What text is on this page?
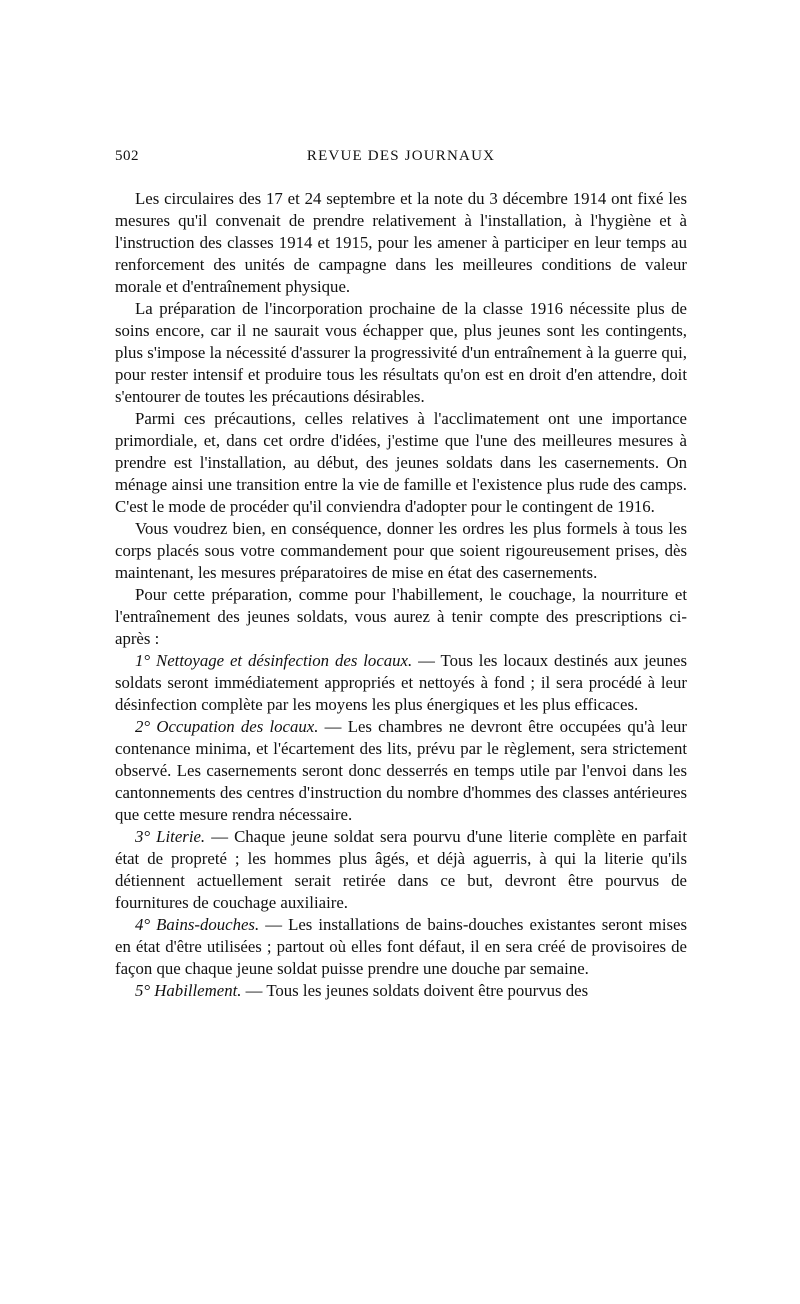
502	REVUE DES JOURNAUX

Les circulaires des 17 et 24 septembre et la note du 3 décembre 1914 ont fixé les mesures qu'il convenait de prendre relativement à l'installation, à l'hygiène et à l'instruction des classes 1914 et 1915, pour les amener à participer en leur temps au renforcement des unités de campagne dans les meilleures conditions de valeur morale et d'entraînement physique.

La préparation de l'incorporation prochaine de la classe 1916 nécessite plus de soins encore, car il ne saurait vous échapper que, plus jeunes sont les contingents, plus s'impose la nécessité d'assurer la progressivité d'un entraînement à la guerre qui, pour rester intensif et produire tous les résultats qu'on est en droit d'en attendre, doit s'entourer de toutes les précautions désirables.

Parmi ces précautions, celles relatives à l'acclimatement ont une importance primordiale, et, dans cet ordre d'idées, j'estime que l'une des meilleures mesures à prendre est l'installation, au début, des jeunes soldats dans les casernements. On ménage ainsi une transition entre la vie de famille et l'existence plus rude des camps. C'est le mode de procéder qu'il conviendra d'adopter pour le contingent de 1916.

Vous voudrez bien, en conséquence, donner les ordres les plus formels à tous les corps placés sous votre commandement pour que soient rigoureusement prises, dès maintenant, les mesures préparatoires de mise en état des casernements.

Pour cette préparation, comme pour l'habillement, le couchage, la nourriture et l'entraînement des jeunes soldats, vous aurez à tenir compte des prescriptions ci-après :

1° Nettoyage et désinfection des locaux. — Tous les locaux destinés aux jeunes soldats seront immédiatement appropriés et nettoyés à fond ; il sera procédé à leur désinfection complète par les moyens les plus énergiques et les plus efficaces.

2° Occupation des locaux. — Les chambres ne devront être occupées qu'à leur contenance minima, et l'écartement des lits, prévu par le règlement, sera strictement observé. Les casernements seront donc desserrés en temps utile par l'envoi dans les cantonnements des centres d'instruction du nombre d'hommes des classes antérieures que cette mesure rendra nécessaire.

3° Literie. — Chaque jeune soldat sera pourvu d'une literie complète en parfait état de propreté ; les hommes plus âgés, et déjà aguerris, à qui la literie qu'ils détiennent actuellement serait retirée dans ce but, devront être pourvus de fournitures de couchage auxiliaire.

4° Bains-douches. — Les installations de bains-douches existantes seront mises en état d'être utilisées ; partout où elles font défaut, il en sera créé de provisoires de façon que chaque jeune soldat puisse prendre une douche par semaine.

5° Habillement. — Tous les jeunes soldats doivent être pourvus des
